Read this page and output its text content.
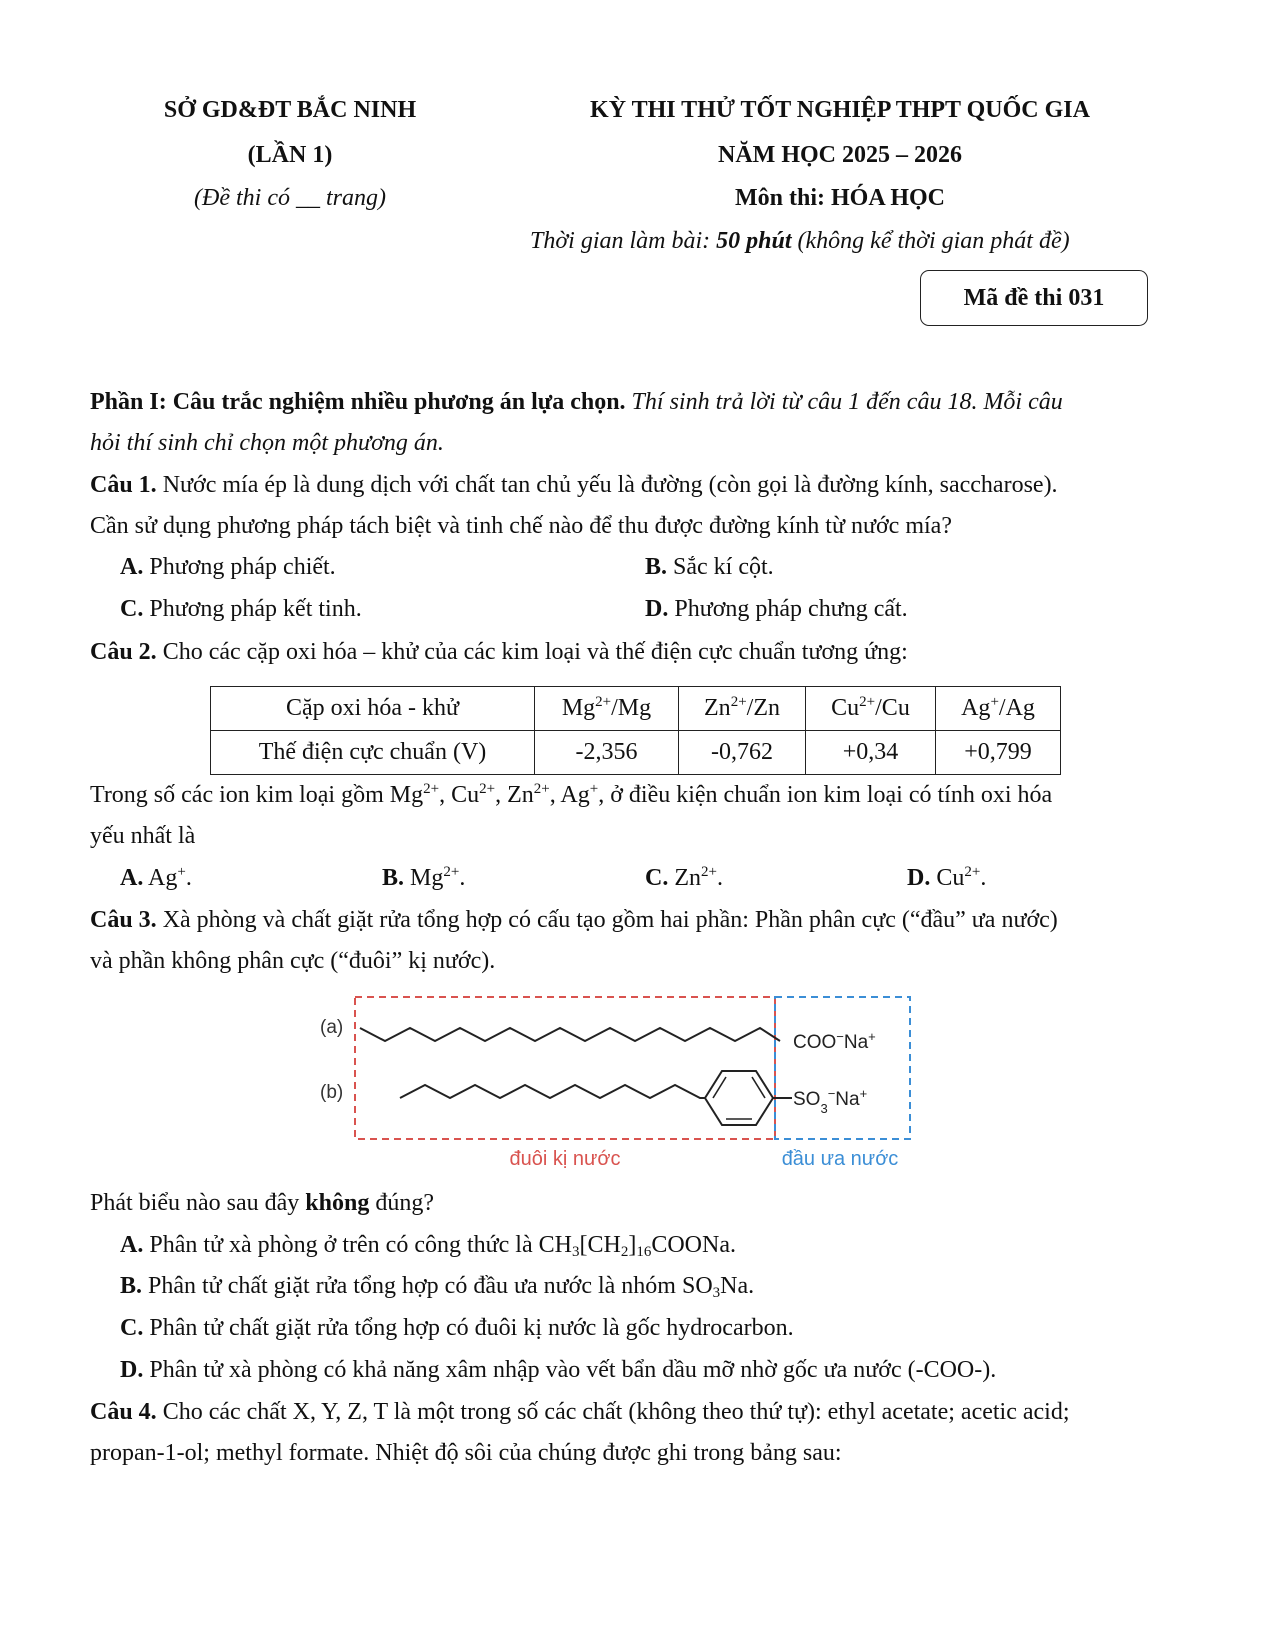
SỞ GD&ĐT BẮC NINH
(LẦN 1)
(Đề thi có __ trang)
KỲ THI THỬ TỐT NGHIỆP THPT QUỐC GIA
NĂM HỌC 2025 – 2026
Môn thi: HÓA HỌC
Thời gian làm bài: 50 phút (không kể thời gian phát đề)
Mã đề thi 031
Phần I: Câu trắc nghiệm nhiều phương án lựa chọn. Thí sinh trả lời từ câu 1 đến câu 18. Mỗi câu
hỏi thí sinh chỉ chọn một phương án.
Câu 1. Nước mía ép là dung dịch với chất tan chủ yếu là đường (còn gọi là đường kính, saccharose).
Cần sử dụng phương pháp tách biệt và tinh chế nào để thu được đường kính từ nước mía?
A. Phương pháp chiết.	B. Sắc kí cột.
C. Phương pháp kết tinh.	D. Phương pháp chưng cất.
Câu 2. Cho các cặp oxi hóa – khử của các kim loại và thế điện cực chuẩn tương ứng:
Cặp oxi hóa - khử	$Mg^{2+}/Mg$	$Zn^{2+}/Zn$	$Cu^{2+}/Cu$	Ag+/Ag
Thế điện cực chuẩn (V)	-2,356	-0,762	+0,34	+0,799
Trong số các ion kim loại gồm $Mg^{2+}$, $Cu^{2+}$, $Zn^{2+}$, Ag+, ở điều kiện chuẩn ion kim loại có tính oxi hóa
yếu nhất là
A. Ag+.	B. $Mg^{2+}$.	C. $Zn^{2+}$.	D. $Cu^{2+}$.
Câu 3. Xà phòng và chất giặt rửa tổng hợp có cấu tạo gồm hai phần: Phần phân cực (“đầu” ưa nước)
và phần không phân cực (“đuôi” kị nước).
(a)
(b)
COO−Na+
$SO_3^-Na^+$
đuôi kị nước	đầu ưa nước
Phát biểu nào sau đây không đúng?
A. Phân tử xà phòng ở trên có công thức là $CH_3[CH_2]_{16}COONa$.
B. Phân tử chất giặt rửa tổng hợp có đầu ưa nước là nhóm $SO_3Na$.
C. Phân tử chất giặt rửa tổng hợp có đuôi kị nước là gốc hydrocarbon.
D. Phân tử xà phòng có khả năng xâm nhập vào vết bẩn dầu mỡ nhờ gốc ưa nước (-COO-).
Câu 4. Cho các chất X, Y, Z, T là một trong số các chất (không theo thứ tự): ethyl acetate; acetic acid;
propan-1-ol; methyl formate. Nhiệt độ sôi của chúng được ghi trong bảng sau:
